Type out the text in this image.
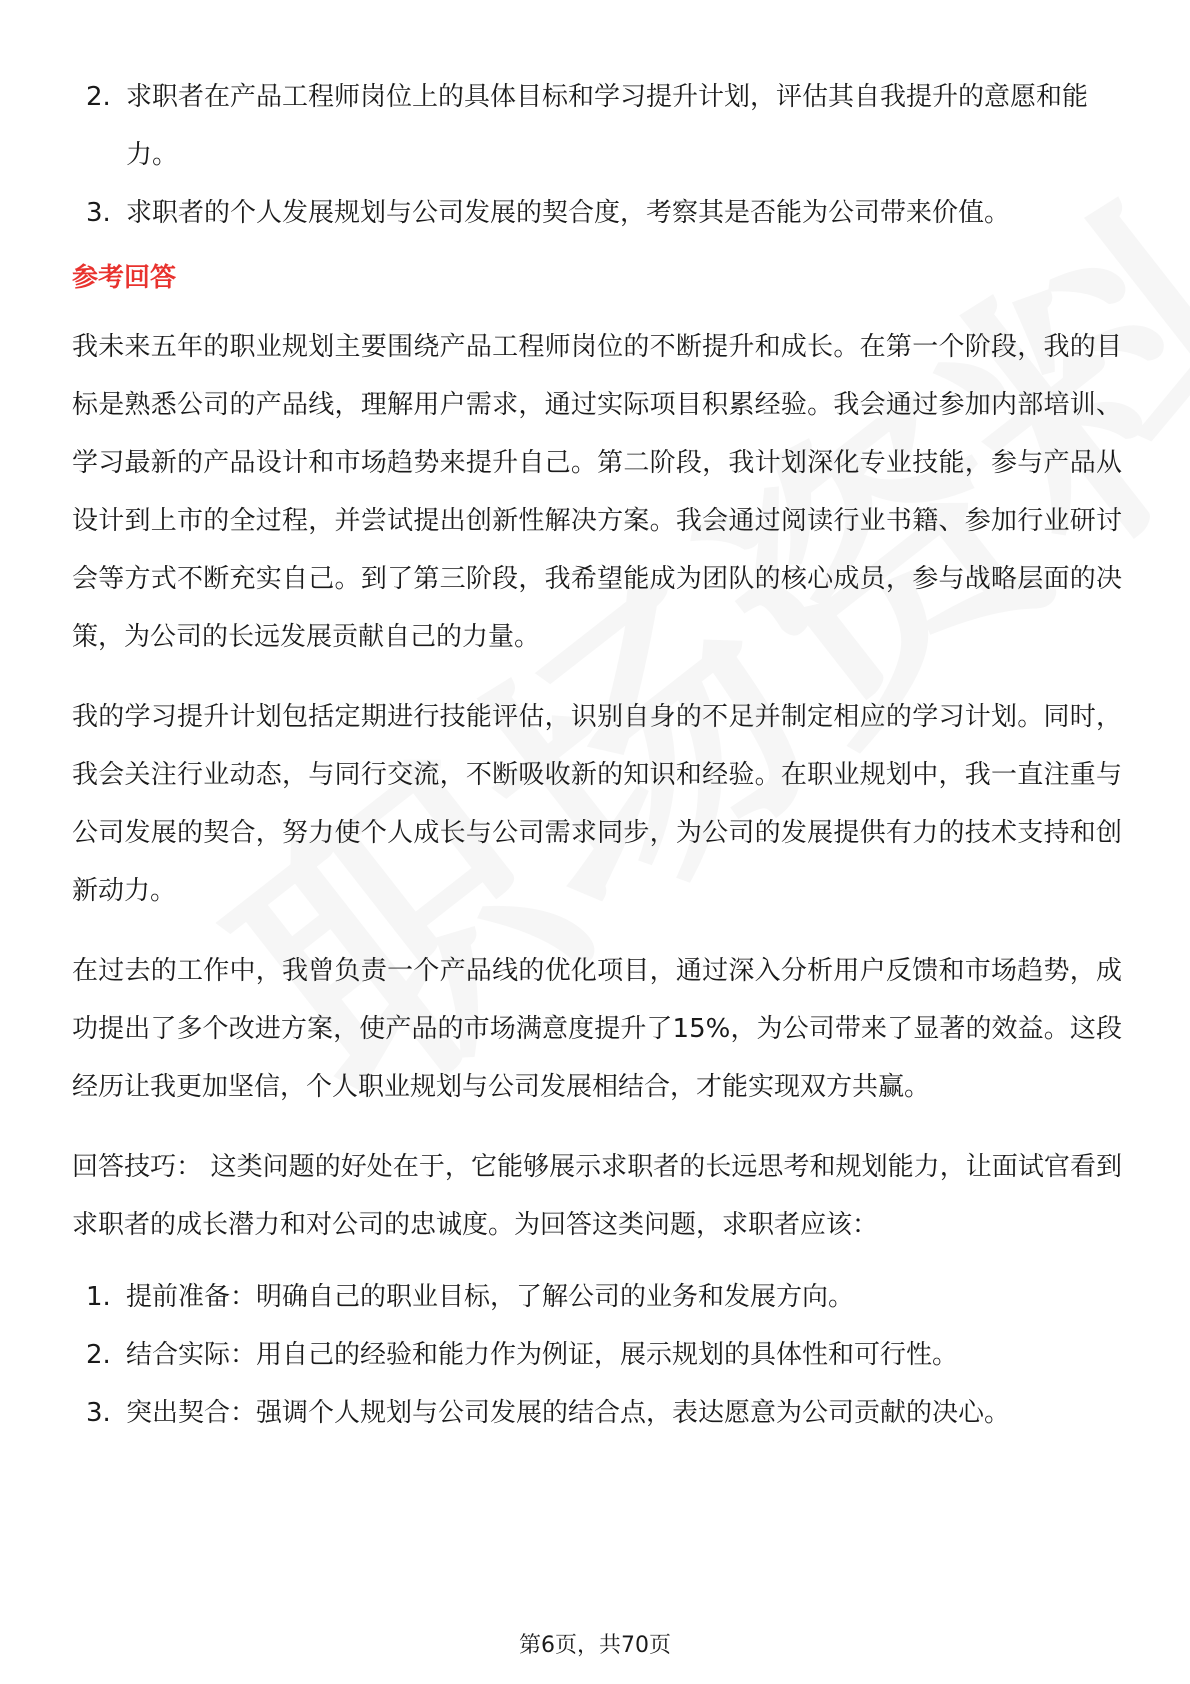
2. 求职者在产品工程师岗位上的具体目标和学习提升计划，评估其自我提升的意愿和能力。
3. 求职者的个人发展规划与公司发展的契合度，考察其是否能为公司带来价值。
参考回答

我未来五年的职业规划主要围绕产品工程师岗位的不断提升和成长。在第一个阶段，我的目标是熟悉公司的产品线，理解用户需求，通过实际项目积累经验。我会通过参加内部培训、学习最新的产品设计和市场趋势来提升自己。第二阶段，我计划深化专业技能，参与产品从设计到上市的全过程，并尝试提出创新性解决方案。我会通过阅读行业书籍、参加行业研讨会等方式不断充实自己。到了第三阶段，我希望能成为团队的核心成员，参与战略层面的决策，为公司的长远发展贡献自己的力量。

我的学习提升计划包括定期进行技能评估，识别自身的不足并制定相应的学习计划。同时，我会关注行业动态，与同行交流，不断吸收新的知识和经验。在职业规划中，我一直注重与公司发展的契合，努力使个人成长与公司需求同步，为公司的发展提供有力的技术支持和创新动力。

在过去的工作中，我曾负责一个产品线的优化项目，通过深入分析用户反馈和市场趋势，成功提出了多个改进方案，使产品的市场满意度提升了15%，为公司带来了显著的效益。这段经历让我更加坚信，个人职业规划与公司发展相结合，才能实现双方共赢。

回答技巧： 这类问题的好处在于，它能够展示求职者的长远思考和规划能力，让面试官看到求职者的成长潜力和对公司的忠诚度。为回答这类问题，求职者应该：

1. 提前准备：明确自己的职业目标，了解公司的业务和发展方向。
2. 结合实际：用自己的经验和能力作为例证，展示规划的具体性和可行性。
3. 突出契合：强调个人规划与公司发展的结合点，表达愿意为公司贡献的决心。
第6页，共70页
